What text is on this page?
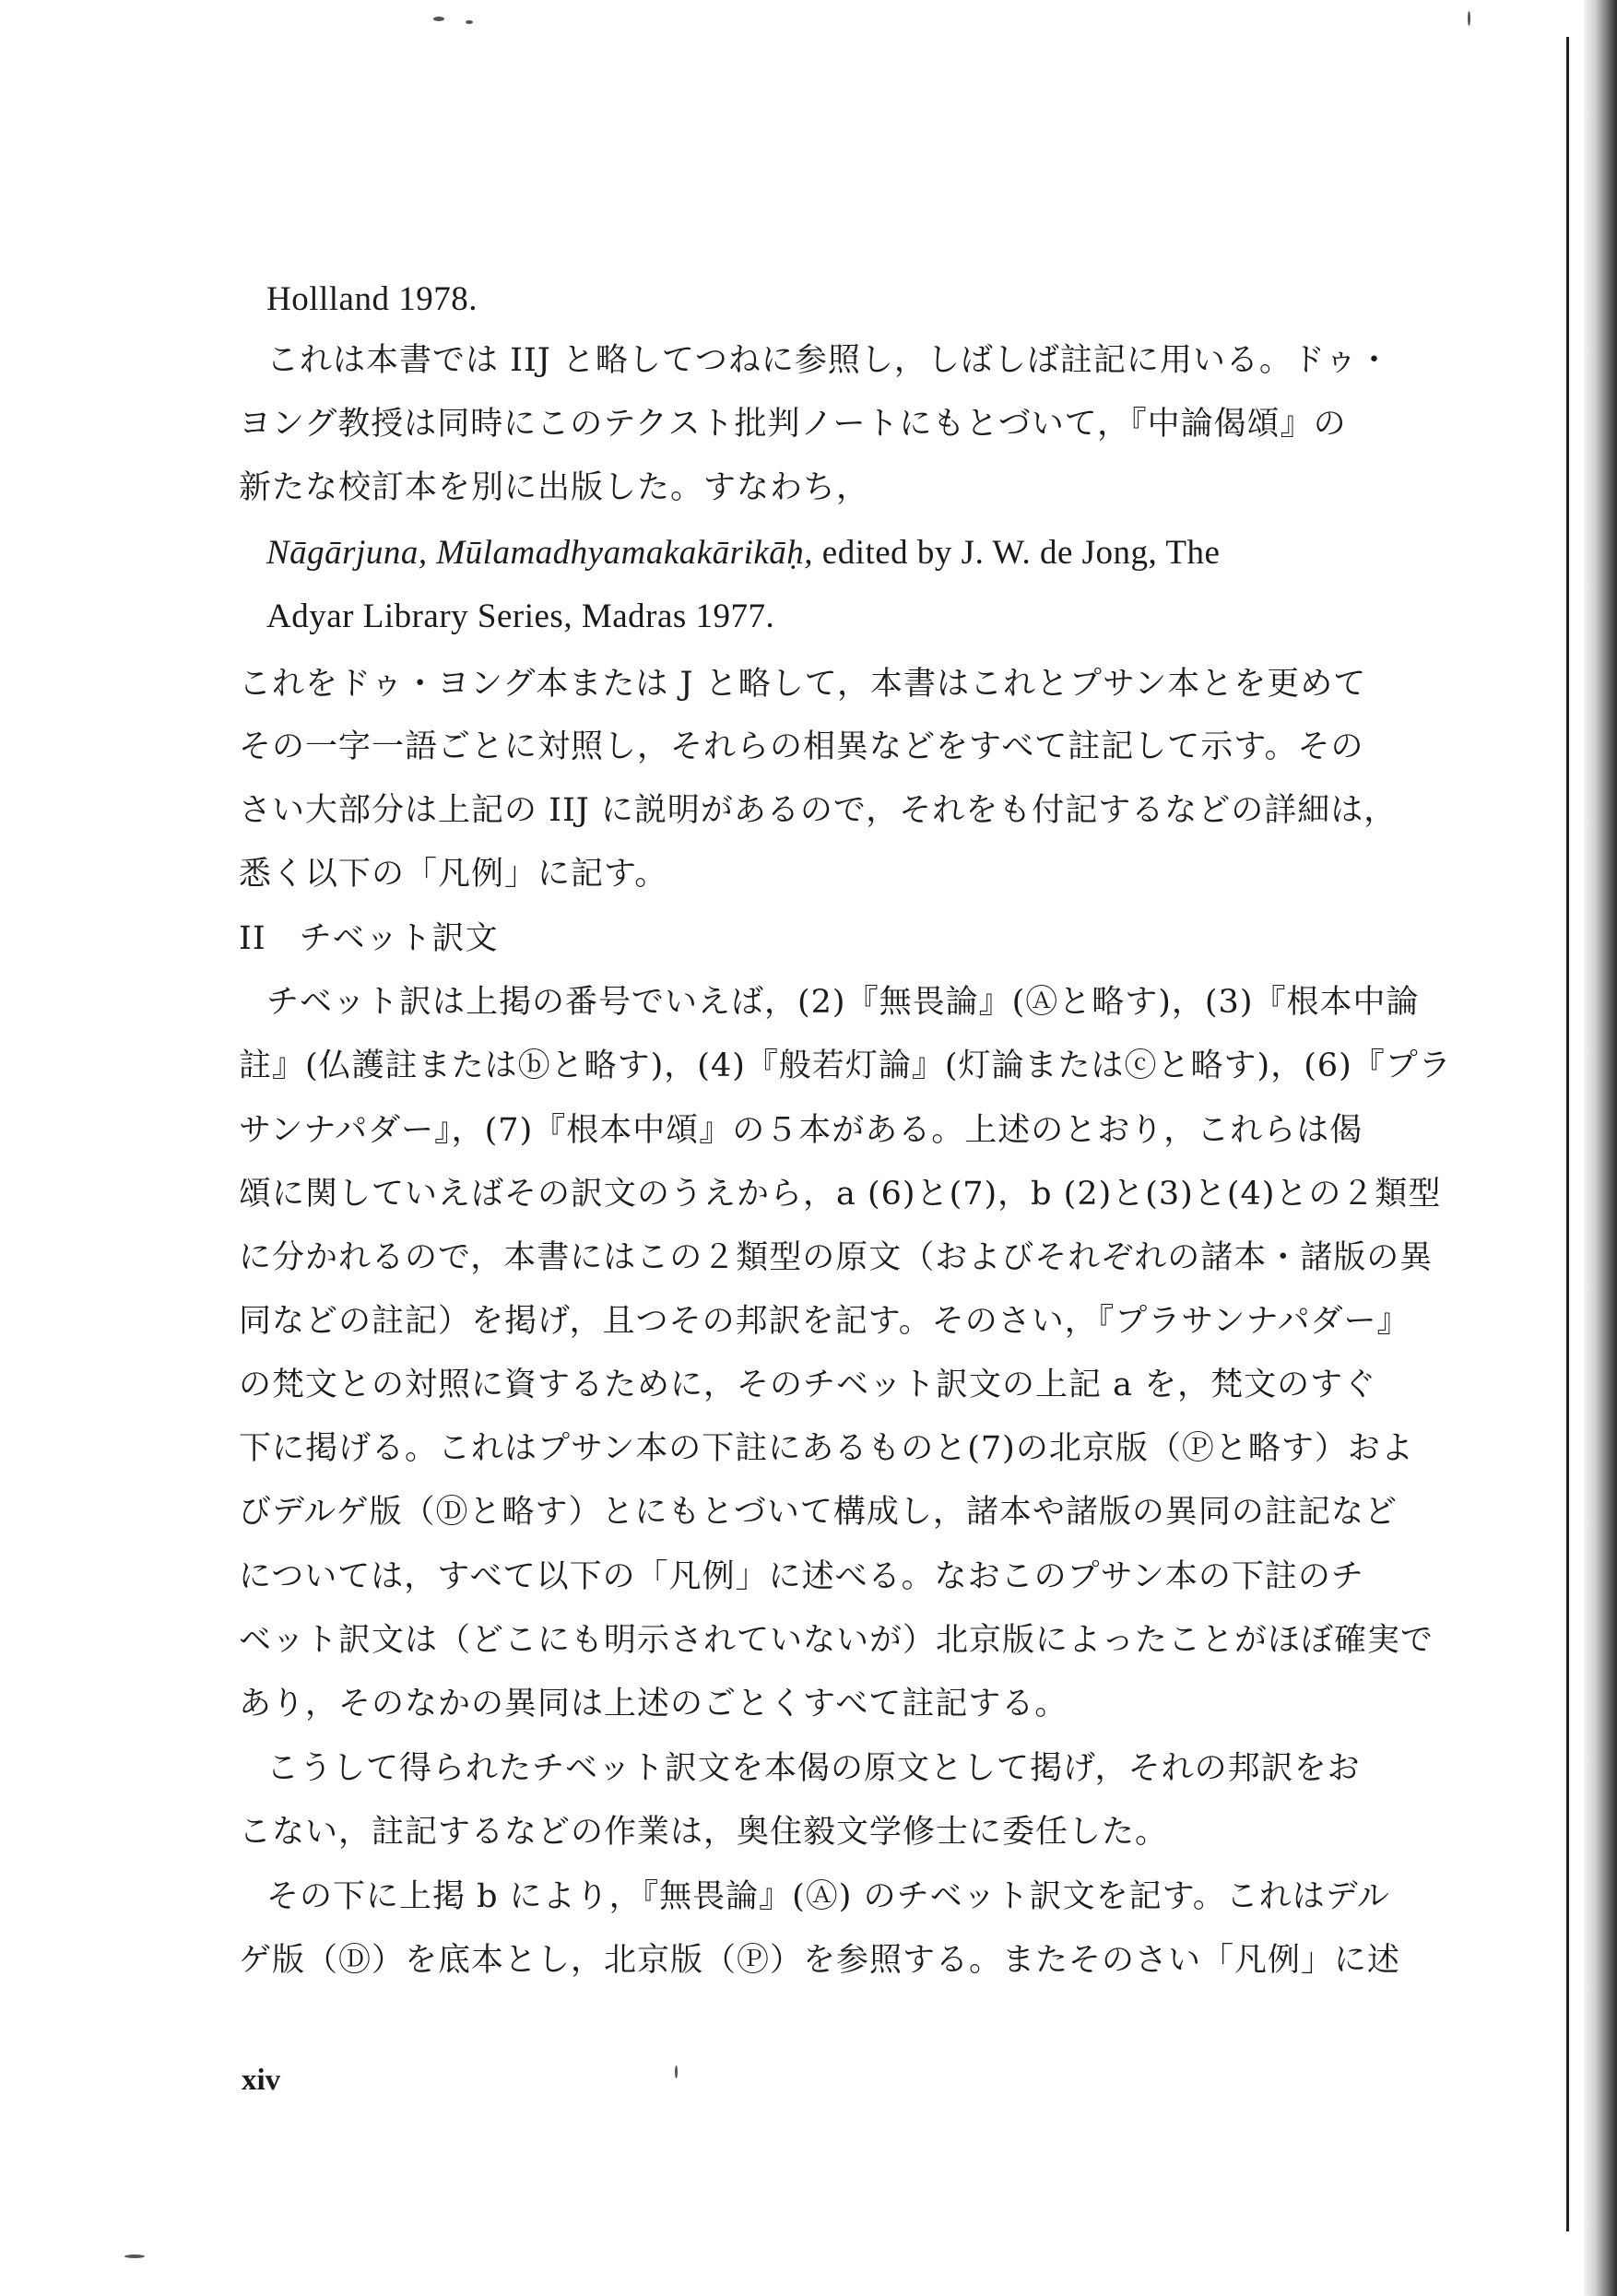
Hollland 1978.
これは本書では IIJ と略してつねに参照し，しばしば註記に用いる。ドゥ・
ヨング教授は同時にこのテクスト批判ノートにもとづいて，『中論偈頌』の
新たな校訂本を別に出版した。すなわち，
Nāgārjuna, Mūlamadhyamakakārikāḥ, edited by J. W. de Jong, The
Adyar Library Series, Madras 1977.
これをドゥ・ヨング本または J と略して，本書はこれとプサン本とを更めて
その一字一語ごとに対照し，それらの相異などをすべて註記して示す。その
さい大部分は上記の IIJ に説明があるので，それをも付記するなどの詳細は，
悉く以下の「凡例」に記す。
II　チベット訳文
チベット訳は上掲の番号でいえば，(2)『無畏論』(Ⓐと略す)，(3)『根本中論
註』(仏護註またはⓑと略す)，(4)『般若灯論』(灯論またはⓒと略す)，(6)『プラ
サンナパダー』，(7)『根本中頌』の５本がある。上述のとおり，これらは偈
頌に関していえばその訳文のうえから，a (6)と(7)，b (2)と(3)と(4)との２類型
に分かれるので，本書にはこの２類型の原文（およびそれぞれの諸本・諸版の異
同などの註記）を掲げ，且つその邦訳を記す。そのさい，『プラサンナパダー』
の梵文との対照に資するために，そのチベット訳文の上記 a を，梵文のすぐ
下に掲げる。これはプサン本の下註にあるものと(7)の北京版（Ⓟと略す）およ
びデルゲ版（Ⓓと略す）とにもとづいて構成し，諸本や諸版の異同の註記など
については，すべて以下の「凡例」に述べる。なおこのプサン本の下註のチ
ベット訳文は（どこにも明示されていないが）北京版によったことがほぼ確実で
あり，そのなかの異同は上述のごとくすべて註記する。
こうして得られたチベット訳文を本偈の原文として掲げ，それの邦訳をお
こない，註記するなどの作業は，奥住毅文学修士に委任した。
その下に上掲 b により，『無畏論』(Ⓐ) のチベット訳文を記す。これはデル
ゲ版（Ⓓ）を底本とし，北京版（Ⓟ）を参照する。またそのさい「凡例」に述
xiv
